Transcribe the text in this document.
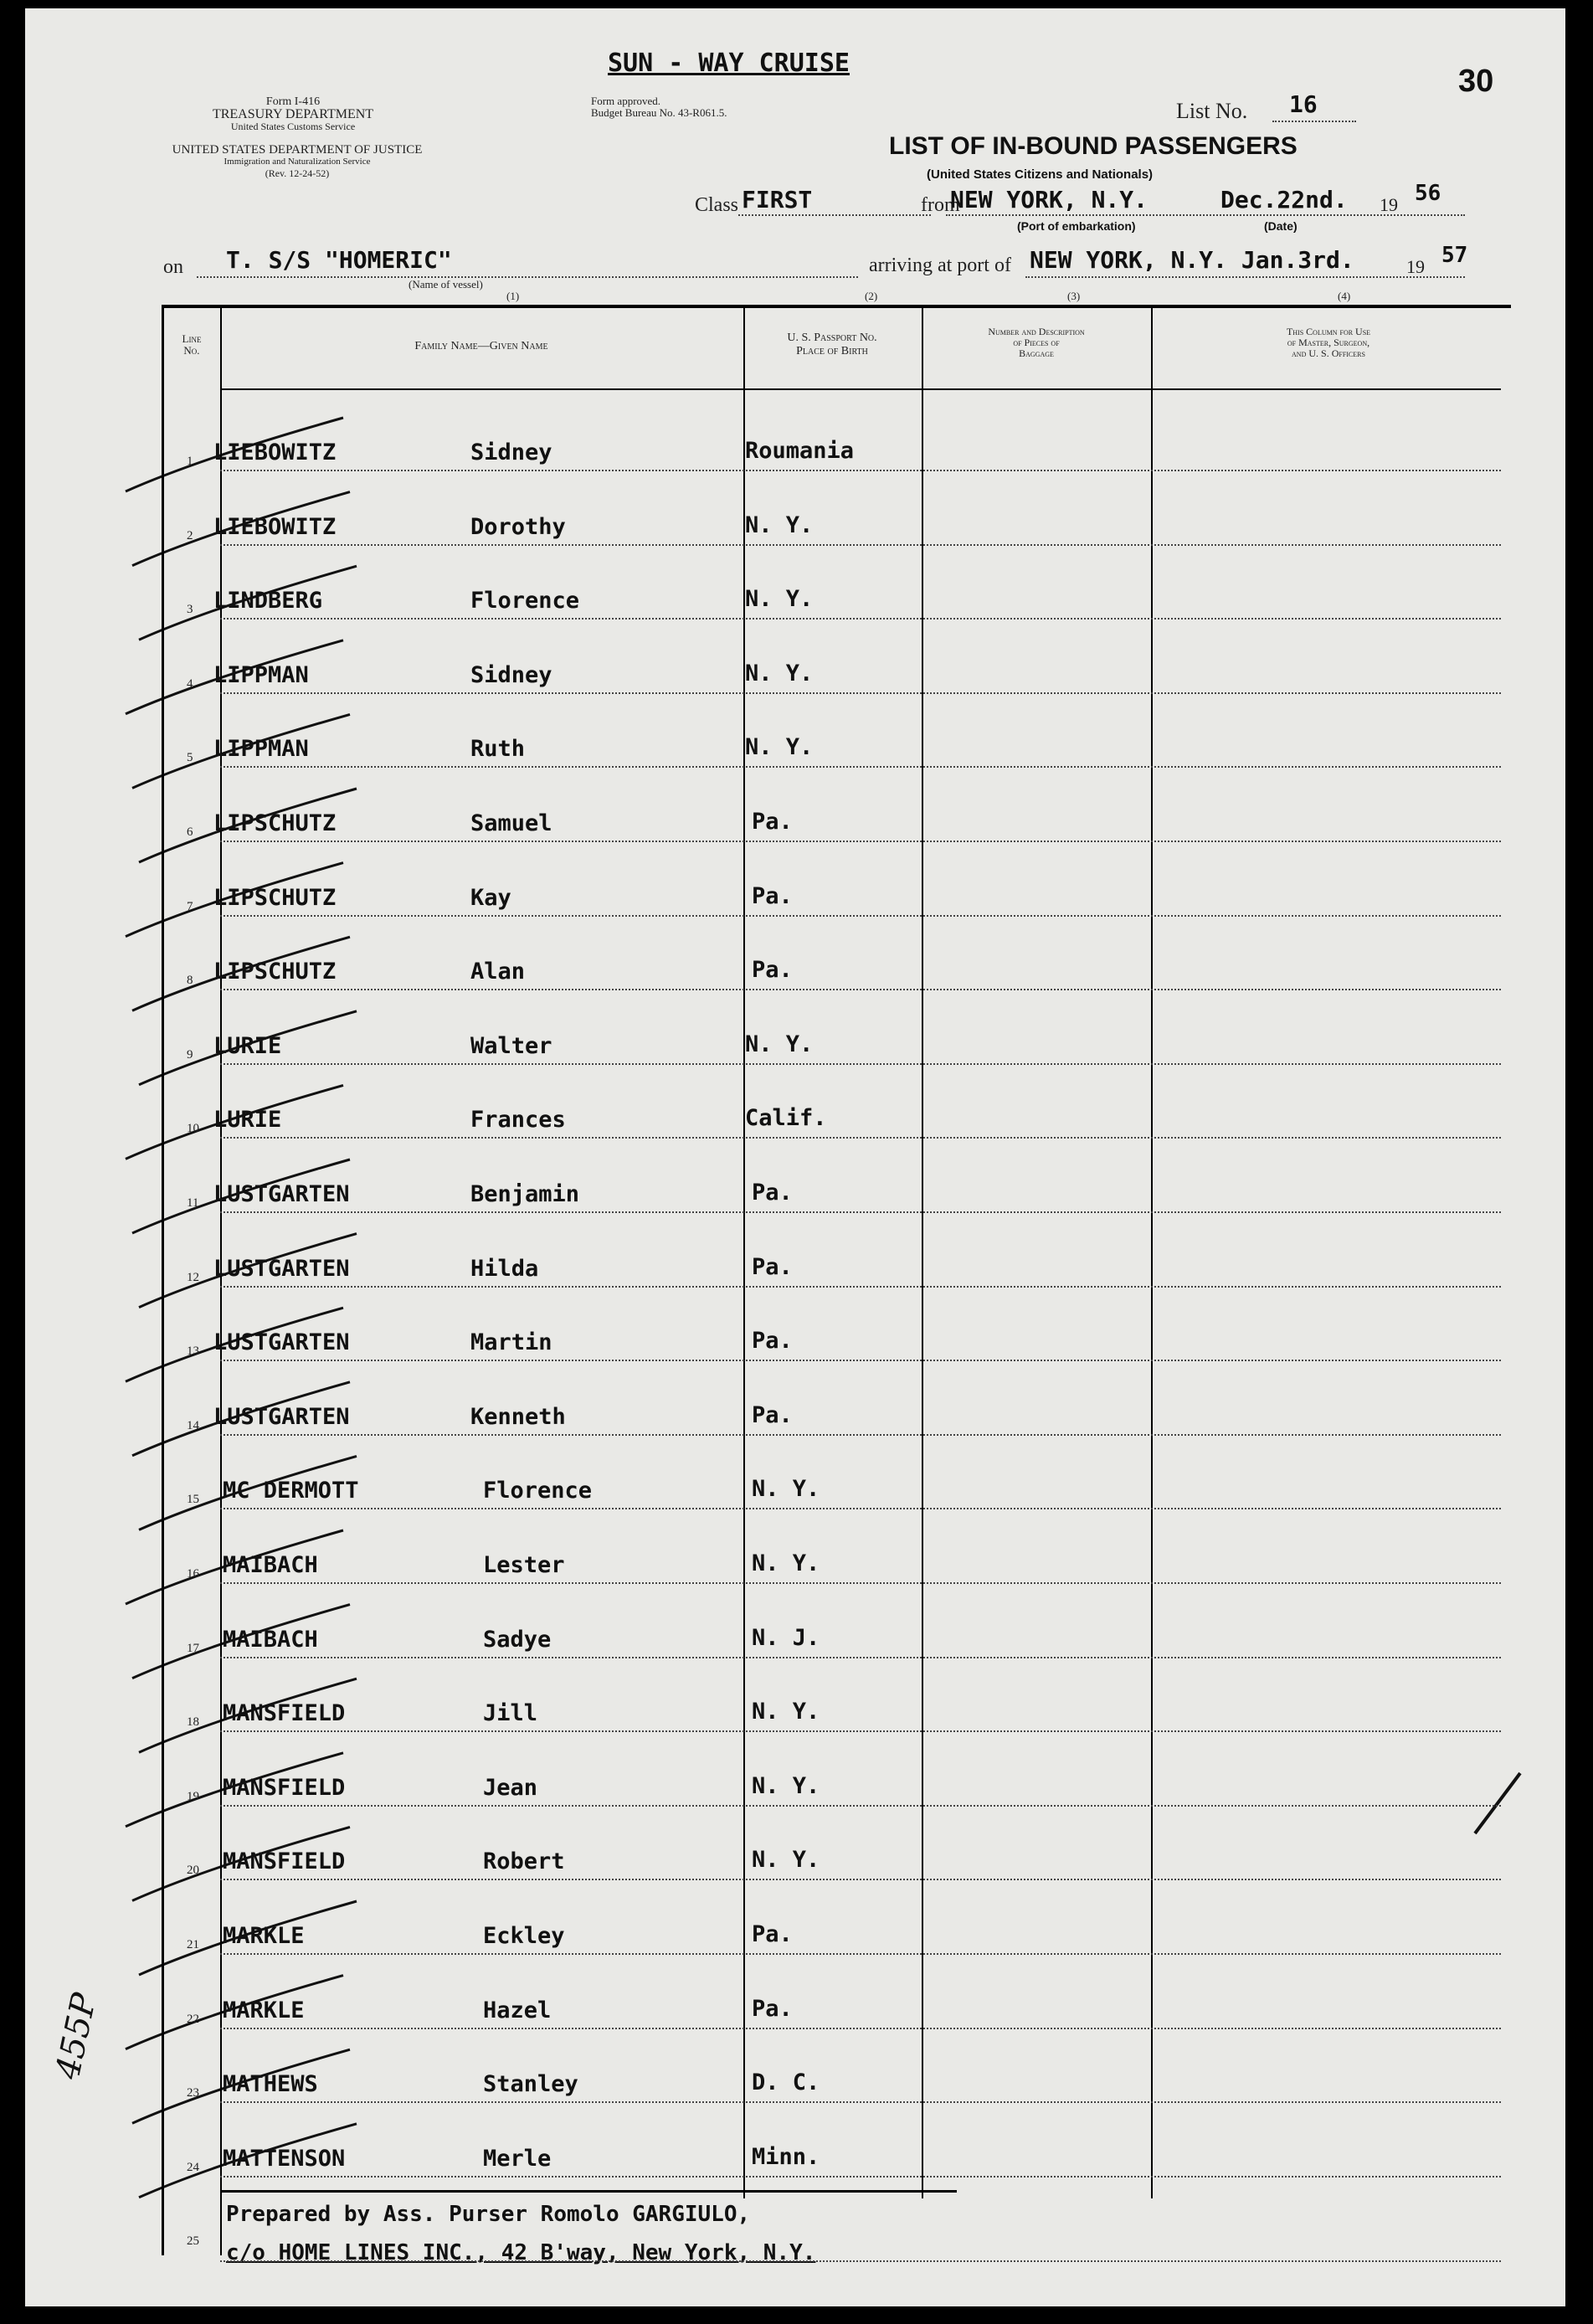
SUN - WAY CRUISE
30
Form I-416
TREASURY DEPARTMENT
United States Customs Service
UNITED STATES DEPARTMENT OF JUSTICE
Immigration and Naturalization Service
(Rev. 12-24-52)
Form approved.
Budget Bureau No. 43-R061.5.	List No. 16
LIST OF IN-BOUND PASSENGERS
(United States Citizens and Nationals)
Class FIRST	from
NEW YORK, N.Y.	Dec.22nd. 19 56
(Port of embarkation)	(Date)
on T. S/S "HOMERIC"
(Name of vessel)
arriving at port of NEW YORK, N.Y. Jan.3rd.	19 57
(1)	(2)	(3)	(4)
Line
No.	Family Name—Given Name
U. S. Passport No.
Place of Birth
Number and Description
of Pieces of
Baggage
This Column for Use
of Master, Surgeon,
and U. S. Officers
1 LIEBOWITZ	Sidney	Roumania
2 LIEBOWITZ	Dorothy	N. Y.
3 LINDBERG	Florence	N. Y.
4 LIPPMAN	Sidney	N. Y.
5 LIPPMAN	Ruth	N. Y.
6 LIPSCHUTZ	Samuel	Pa.
7 LIPSCHUTZ	Kay	Pa.
8 LIPSCHUTZ	Alan	Pa.
9 LURIE	Walter	N. Y.
10 LURIE	Frances	Calif.
11 LUSTGARTEN	Benjamin	Pa.
12 LUSTGARTEN	Hilda	Pa.
13 LUSTGARTEN	Martin	Pa.
14 LUSTGARTEN	Kenneth	Pa.
15	MC DERMOTT	Florence	N. Y.
16	MAIBACH	Lester	N. Y.
17	MAIBACH	Sadye	N. J.
18	MANSFIELD	Jill	N. Y.
19	MANSFIELD	Jean	N. Y.
20	MANSFIELD	Robert	N. Y.
21	MARKLE	Eckley	Pa.
22	MARKLE	Hazel	Pa.
23	MATHEWS	Stanley	D. C.
24	MATTENSON	Merle	Minn.
25
Prepared by Ass. Purser Romolo GARGIULO,
c/o HOME LINES INC., 42 B'way, New York, N.Y.
455P
